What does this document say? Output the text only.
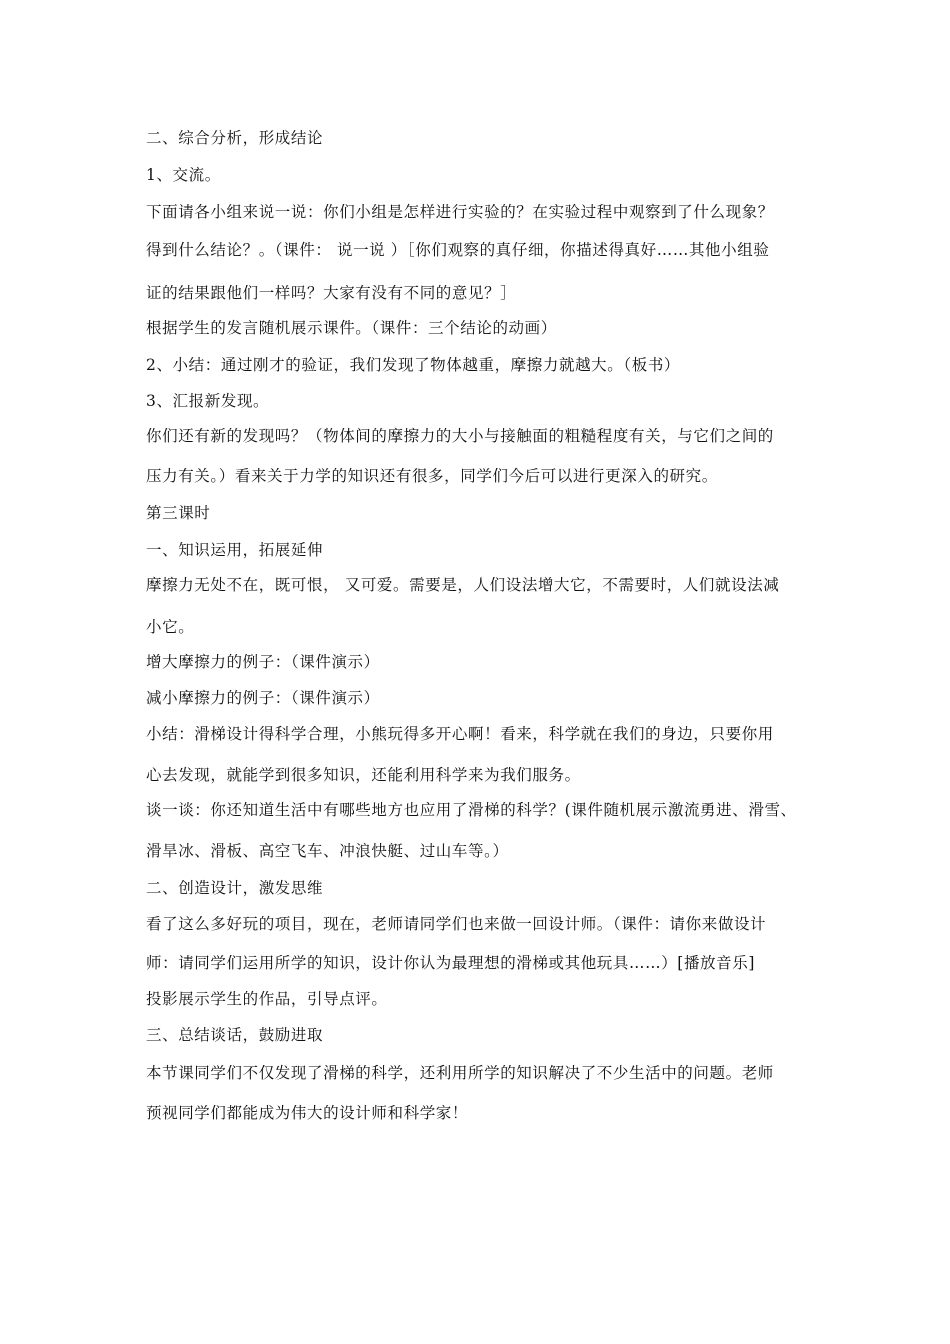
二、综合分析，形成结论
1、交流。
下面请各小组来说一说：你们小组是怎样进行实验的？在实验过程中观察到了什么现象？
得到什么结论？。（课件： 说一说 ）［你们观察的真仔细，你描述得真好……其他小组验
证的结果跟他们一样吗？大家有没有不同的意见？］
根据学生的发言随机展示课件。（课件：三个结论的动画）
2、小结：通过刚才的验证，我们发现了物体越重，摩擦力就越大。（板书）
3、汇报新发现。
你们还有新的发现吗？（物体间的摩擦力的大小与接触面的粗糙程度有关，与它们之间的
压力有关。）看来关于力学的知识还有很多，同学们今后可以进行更深入的研究。
第三课时
一、知识运用，拓展延伸
摩擦力无处不在，既可恨， 又可爱。需要是，人们设法增大它，不需要时，人们就设法减
小它。
增大摩擦力的例子：（课件演示）
减小摩擦力的例子：（课件演示）
小结：滑梯设计得科学合理，小熊玩得多开心啊！看来，科学就在我们的身边，只要你用
心去发现，就能学到很多知识，还能利用科学来为我们服务。
谈一谈：你还知道生活中有哪些地方也应用了滑梯的科学？(课件随机展示激流勇进、滑雪、
滑旱冰、滑板、高空飞车、冲浪快艇、过山车等。）
二、创造设计，激发思维
看了这么多好玩的项目，现在，老师请同学们也来做一回设计师。（课件：请你来做设计
师：请同学们运用所学的知识，设计你认为最理想的滑梯或其他玩具……）[播放音乐]
投影展示学生的作品，引导点评。
三、总结谈话，鼓励进取
本节课同学们不仅发现了滑梯的科学，还利用所学的知识解决了不少生活中的问题。老师
预视同学们都能成为伟大的设计师和科学家！
